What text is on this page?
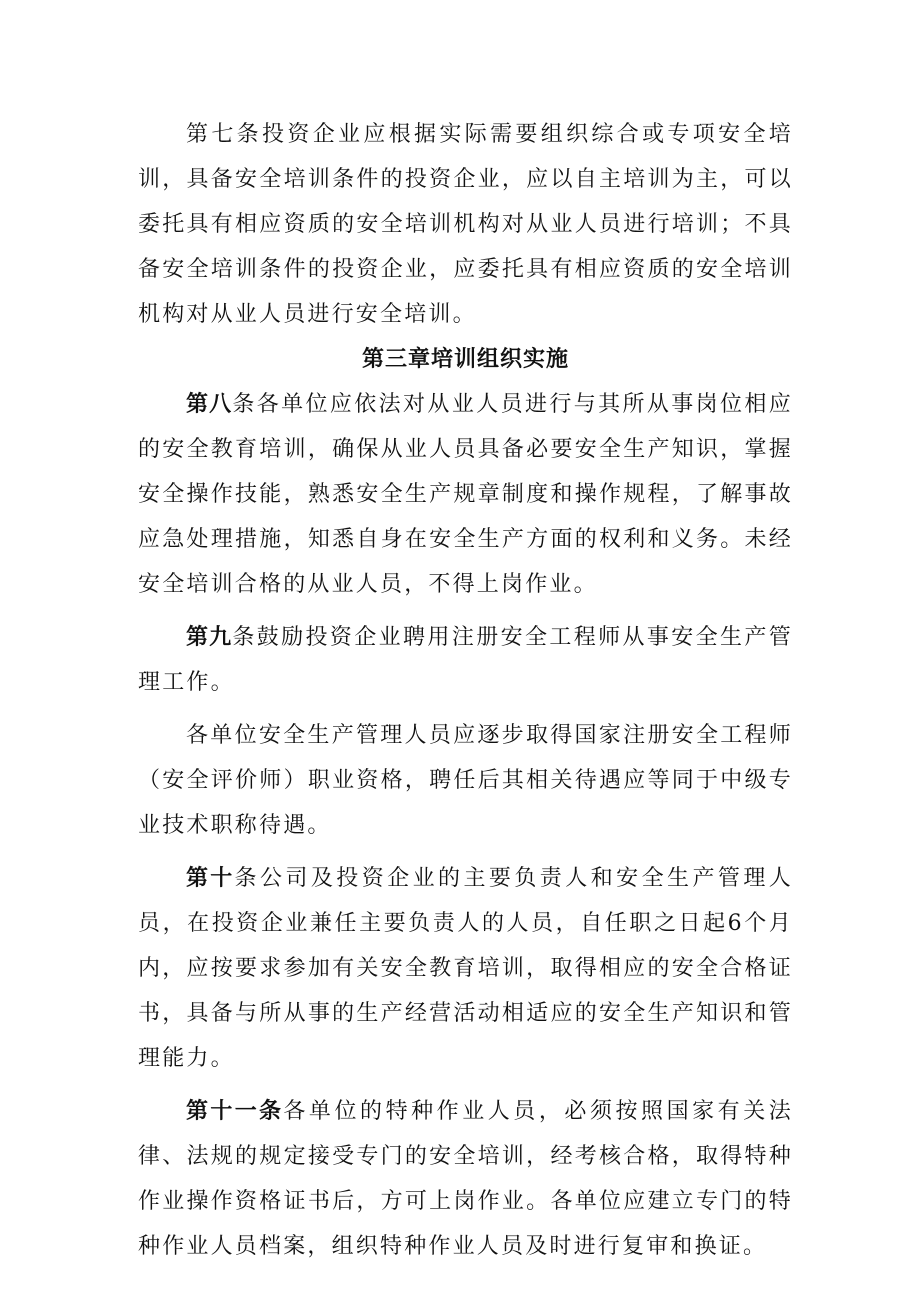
第七条投资企业应根据实际需要组织综合或专项安全培训，具备安全培训条件的投资企业，应以自主培训为主，可以委托具有相应资质的安全培训机构对从业人员进行培训；不具备安全培训条件的投资企业，应委托具有相应资质的安全培训机构对从业人员进行安全培训。

第三章培训组织实施

第八条各单位应依法对从业人员进行与其所从事岗位相应的安全教育培训，确保从业人员具备必要安全生产知识，掌握安全操作技能，熟悉安全生产规章制度和操作规程，了解事故应急处理措施，知悉自身在安全生产方面的权利和义务。未经安全培训合格的从业人员，不得上岗作业。

第九条鼓励投资企业聘用注册安全工程师从事安全生产管理工作。

各单位安全生产管理人员应逐步取得国家注册安全工程师（安全评价师）职业资格，聘任后其相关待遇应等同于中级专业技术职称待遇。

第十条公司及投资企业的主要负责人和安全生产管理人员，在投资企业兼任主要负责人的人员，自任职之日起6个月内，应按要求参加有关安全教育培训，取得相应的安全合格证书，具备与所从事的生产经营活动相适应的安全生产知识和管理能力。

第十一条各单位的特种作业人员，必须按照国家有关法律、法规的规定接受专门的安全培训，经考核合格，取得特种作业操作资格证书后，方可上岗作业。各单位应建立专门的特种作业人员档案，组织特种作业人员及时进行复审和换证。
